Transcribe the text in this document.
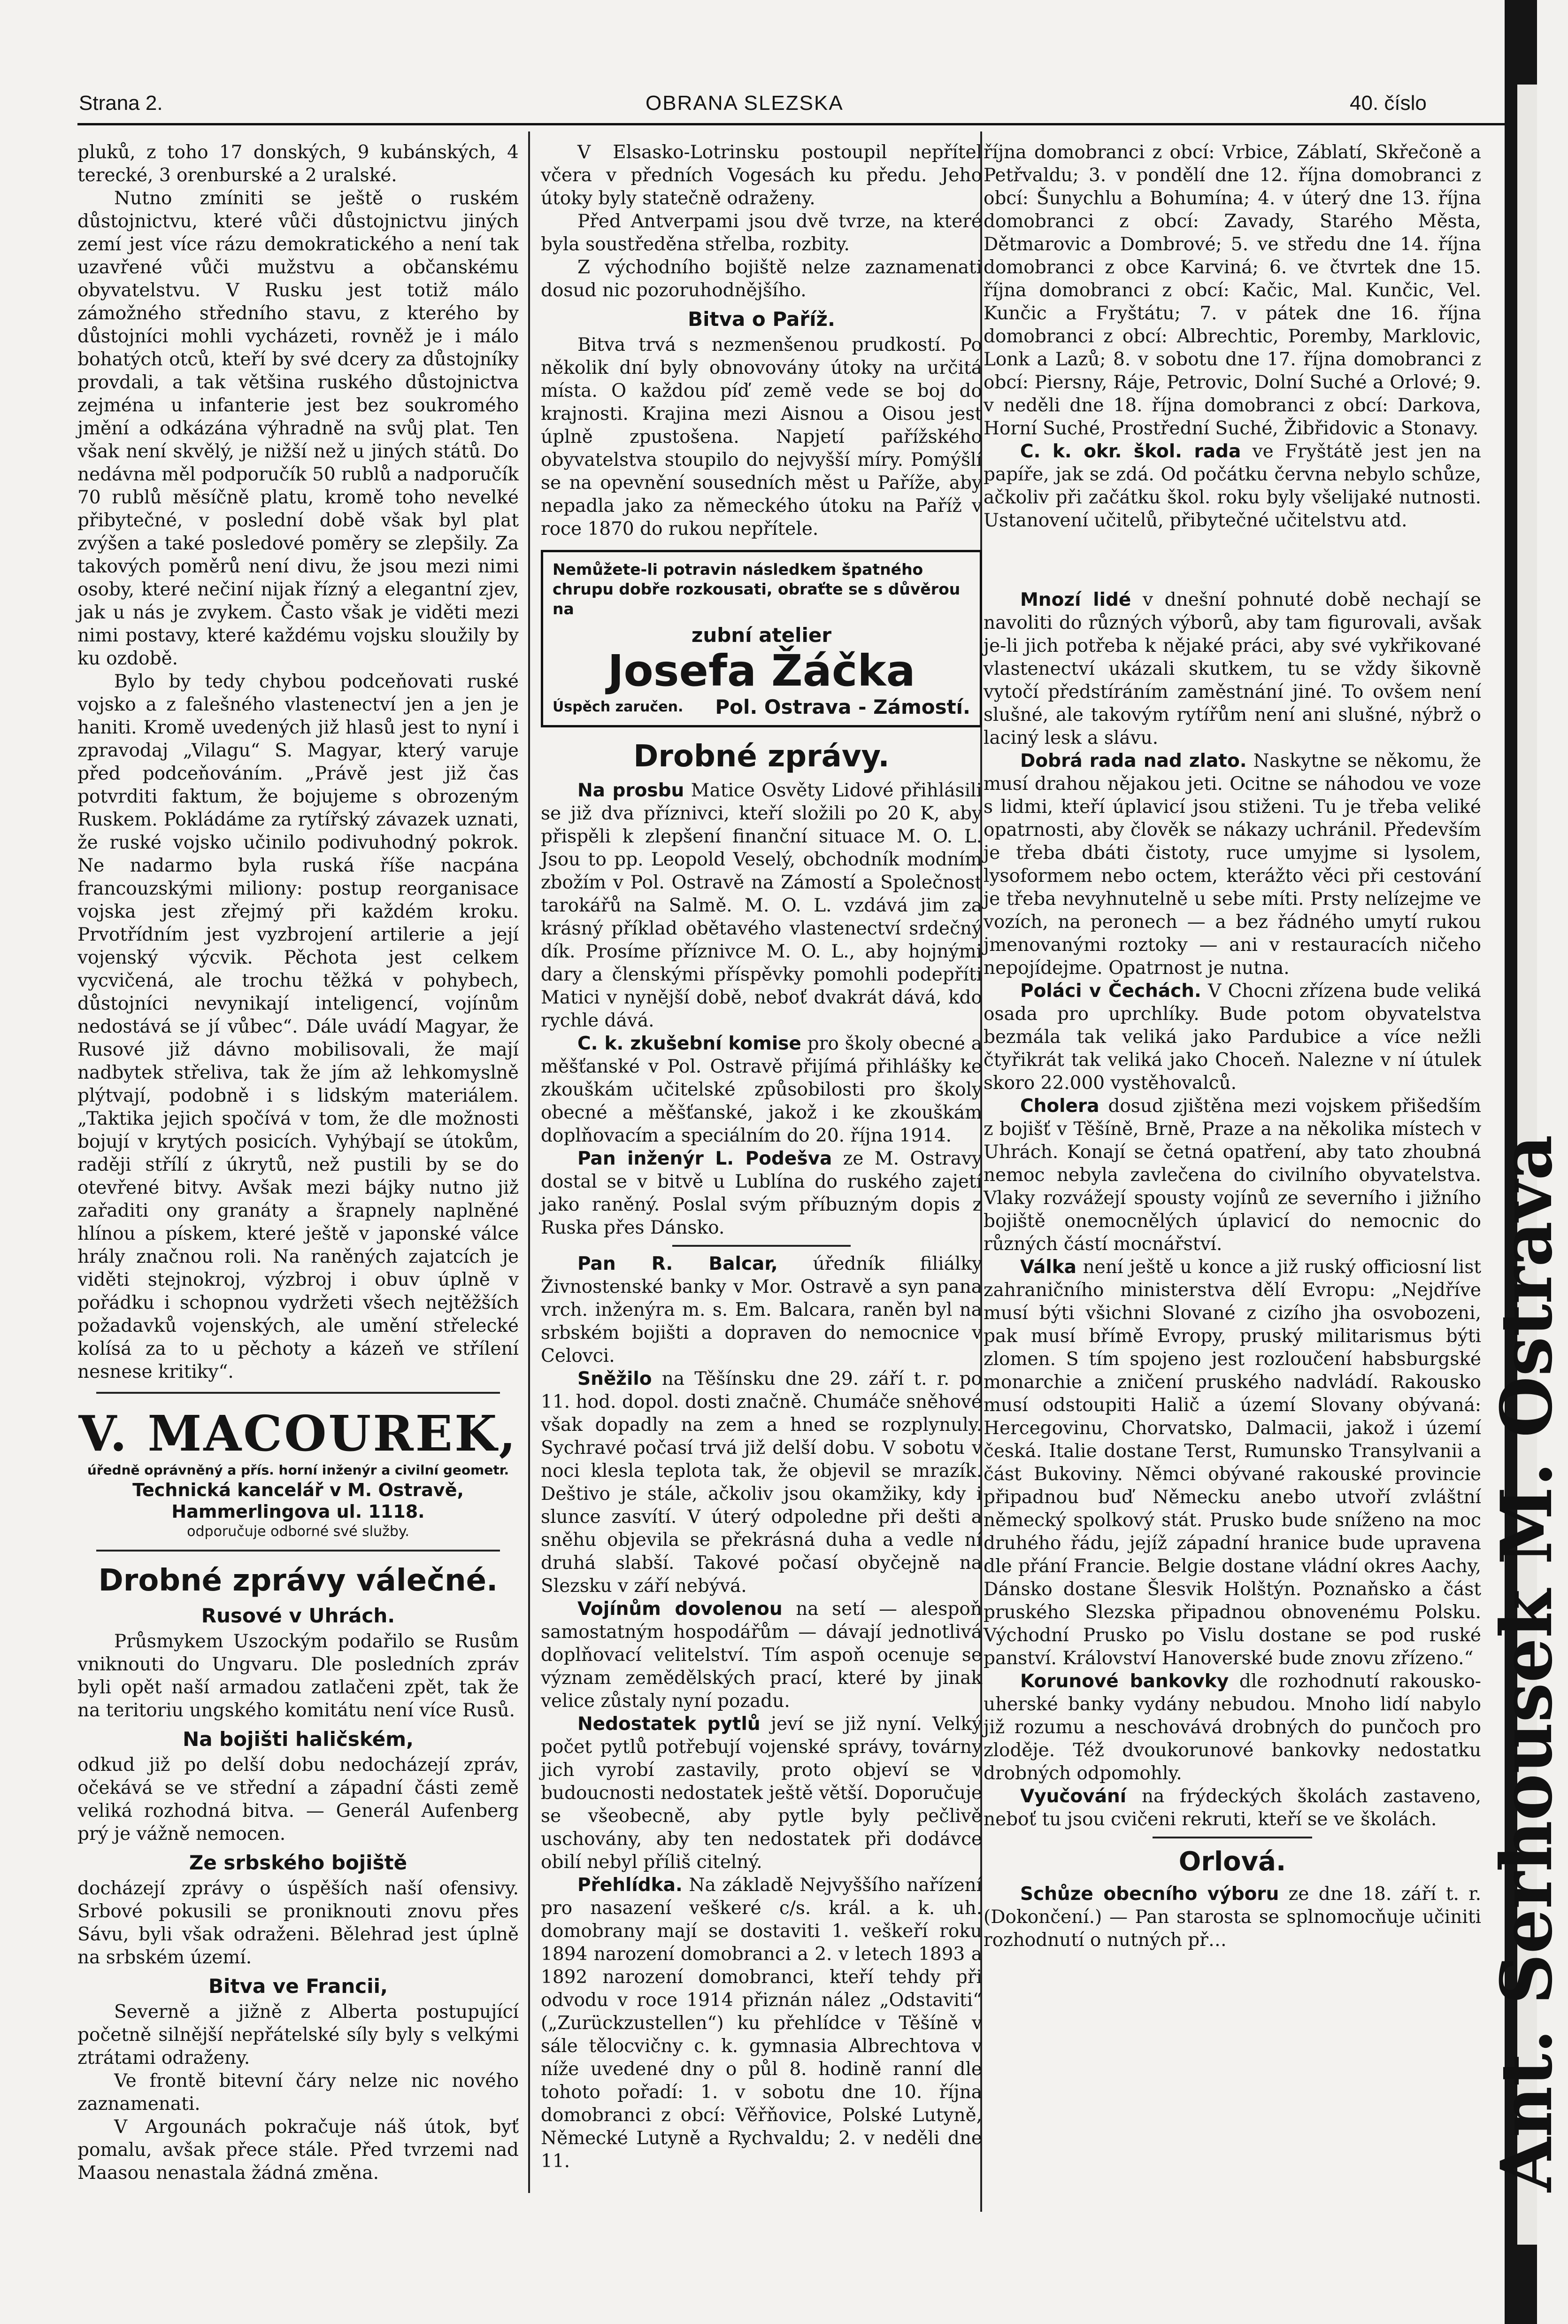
Strana 2.	OBRANA SLEZSKA	40. číslo

pluků, z toho 17 donských, 9 kubánských, 4 terecké, 3 orenburské a 2 uralské.

Nutno zmíniti se ještě o ruském důstojnictvu, které vůči důstojnictvu jiných zemí jest více rázu demokratického a není tak uzavřené vůči mužstvu a občanskému obyvatelstvu. V Rusku jest totiž málo zámožného středního stavu, z kterého by důstojníci mohli vycházeti, rovněž je i málo bohatých otců, kteří by své dcery za důstojníky provdali, a tak většina ruského důstojnictva zejména u infanterie jest bez soukromého jmění a odkázána výhradně na svůj plat. Ten však není skvělý, je nižší než u jiných států. Do nedávna měl podporučík 50 rublů a nadporučík 70 rublů měsíčně platu, kromě toho nevelké přibytečné, v poslední době však byl plat zvýšen a také posledové poměry se zlepšily. Za takových poměrů není divu, že jsou mezi nimi osoby, které nečiní nijak řízný a elegantní zjev, jak u nás je zvykem. Často však je viděti mezi nimi postavy, které každému vojsku sloužily by ku ozdobě.

Bylo by tedy chybou podceňovati ruské vojsko a z falešného vlastenectví jen a jen je haniti. Kromě uvedených již hlasů jest to nyní i zpravodaj „Vilagu“ S. Magyar, který varuje před podceňováním. „Právě jest již čas potvrditi faktum, že bojujeme s obrozeným Ruskem. Pokládáme za rytířský závazek uznati, že ruské vojsko učinilo podivuhodný pokrok. Ne nadarmo byla ruská říše nacpána francouzskými miliony: postup reorganisace vojska jest zřejmý při každém kroku. Prvotřídním jest vyzbrojení artilerie a její vojenský výcvik. Pěchota jest celkem vycvičená, ale trochu těžká v pohybech, důstojníci nevynikají inteligencí, vojínům nedostává se jí vůbec“. Dále uvádí Magyar, že Rusové již dávno mobilisovali, že mají nadbytek střeliva, tak že jím až lehkomyslně plýtvají, podobně i s lidským materiálem. „Taktika jejich spočívá v tom, že dle možnosti bojují v krytých posicích. Vyhýbají se útokům, raději střílí z úkrytů, než pustili by se do otevřené bitvy. Avšak mezi bájky nutno již zařaditi ony granáty a šrapnely naplněné hlínou a pískem, které ještě v japonské válce hrály značnou roli. Na raněných zajatcích je viděti stejnokroj, výzbroj i obuv úplně v pořádku i schopnou vydržeti všech nejtěžších požadavků vojenských, ale umění střelecké kolísá za to u pěchoty a kázeň ve střílení nesnese kritiky“.

V. MACOUREK,
úředně oprávněný a přís. horní inženýr a civilní geometr.
Technická kancelář v M. Ostravě, Hammerlingova ul. 1118.
odporučuje odborné své služby.
Drobné zprávy válečné.
Rusové v Uhrách.

Průsmykem Uszockým podařilo se Rusům vniknouti do Ungvaru. Dle posledních zpráv byli opět naší armadou zatlačeni zpět, tak že na teritoriu ungského komitátu není více Rusů.

Na bojišti haličském,

odkud již po delší dobu nedocházejí zpráv, očekává se ve střední a západní části země veliká rozhodná bitva. — Generál Aufenberg prý je vážně nemocen.

Ze srbského bojiště

docházejí zprávy o úspěších naší ofensivy. Srbové pokusili se proniknouti znovu přes Sávu, byli však odraženi. Bělehrad jest úplně na srbském území.

Bitva ve Francii,

Severně a jižně z Alberta postupující početně silnější nepřátelské síly byly s velkými ztrátami odraženy.

Ve frontě bitevní čáry nelze nic nového zaznamenati.

V Argounách pokračuje náš útok, byť pomalu, avšak přece stále. Před tvrzemi nad Maasou nenastala žádná změna.

V Elsasko-Lotrinsku postoupil nepřítel včera v předních Vogesách ku předu. Jeho útoky byly statečně odraženy.

Před Antverpami jsou dvě tvrze, na které byla soustředěna střelba, rozbity.

Z východního bojiště nelze zaznamenati dosud nic pozoruhodnějšího.

Bitva o Paříž.

Bitva trvá s nezmenšenou prudkostí. Po několik dní byly obnovovány útoky na určitá místa. O každou píď země vede se boj do krajnosti. Krajina mezi Aisnou a Oisou jest úplně zpustošena. Napjetí pařížského obyvatelstva stoupilo do nejvyšší míry. Pomýšlí se na opevnění sousedních měst u Paříže, aby nepadla jako za německého útoku na Paříž v roce 1870 do rukou nepřítele.

Nemůžete-li potravin následkem špatného chrupu dobře rozkousati, obraťte se s důvěrou na
zubní atelier
Josefa Žáčka
Úspěch zaručen. Pol. Ostrava - Zámostí.
Drobné zprávy.

Na prosbu Matice Osvěty Lidové přihlásili se již dva příznivci, kteří složili po 20 K, aby přispěli k zlepšení finanční situace M. O. L. Jsou to pp. Leopold Veselý, obchodník modním zbožím v Pol. Ostravě na Zámostí a Společnost tarokářů na Salmě. M. O. L. vzdává jim za krásný příklad obětavého vlastenectví srdečný dík. Prosíme příznivce M. O. L., aby hojnými dary a členskými příspěvky pomohli podepříti Matici v nynější době, neboť dvakrát dává, kdo rychle dává.

C. k. zkušební komise pro školy obecné a měšťanské v Pol. Ostravě přijímá přihlášky ke zkouškám učitelské způsobilosti pro školy obecné a měšťanské, jakož i ke zkouškám doplňovacím a speciálním do 20. října 1914.

Pan inženýr L. Podešva ze M. Ostravy dostal se v bitvě u Lublína do ruského zajetí jako raněný. Poslal svým příbuzným dopis z Ruska přes Dánsko.

Pan R. Balcar, úředník filiálky Živnostenské banky v Mor. Ostravě a syn pana vrch. inženýra m. s. Em. Balcara, raněn byl na srbském bojišti a dopraven do nemocnice v Celovci.

Sněžilo na Těšínsku dne 29. září t. r. po 11. hod. dopol. dosti značně. Chumáče sněhové však dopadly na zem a hned se rozplynuly. Sychravé počasí trvá již delší dobu. V sobotu v noci klesla teplota tak, že objevil se mrazík. Deštivo je stále, ačkoliv jsou okamžiky, kdy i slunce zasvítí. V úterý odpoledne při dešti a sněhu objevila se překrásná duha a vedle ní druhá slabší. Takové počasí obyčejně na Slezsku v září nebývá.

Vojínům dovolenou na setí — alespoň samostatným hospodářům — dávají jednotlivá doplňovací velitelství. Tím aspoň ocenuje se význam zemědělských prací, které by jinak velice zůstaly nyní pozadu.

Nedostatek pytlů jeví se již nyní. Velký počet pytlů potřebují vojenské správy, továrny jich vyrobí zastavily, proto objeví se v budoucnosti nedostatek ještě větší. Doporučuje se všeobecně, aby pytle byly pečlivě uschovány, aby ten nedostatek při dodávce obilí nebyl příliš citelný.

Přehlídka. Na základě Nejvyššího nařízení pro nasazení veškeré c/s. král. a k. uh. domobrany mají se dostaviti 1. veškeří roku 1894 narození domobranci a 2. v letech 1893 a 1892 narození domobranci, kteří tehdy při odvodu v roce 1914 přiznán nález „Odstaviti“ („Zurückzustellen“) ku přehlídce v Těšíně v sále tělocvičny c. k. gymnasia Albrechtova v níže uvedené dny o půl 8. hodině ranní dle tohoto pořadí: 1. v sobotu dne 10. října domobranci z obcí: Věřňovice, Polské Lutyně, Německé Lutyně a Rychvaldu; 2. v neděli dne 11.

října domobranci z obcí: Vrbice, Záblatí, Skřečoně a Petřvaldu; 3. v pondělí dne 12. října domobranci z obcí: Šunychlu a Bohumína; 4. v úterý dne 13. října domobranci z obcí: Zavady, Starého Města, Dětmarovic a Dombrové; 5. ve středu dne 14. října domobranci z obce Karviná; 6. ve čtvrtek dne 15. října domobranci z obcí: Kačic, Mal. Kunčic, Vel. Kunčic a Fryštátu; 7. v pátek dne 16. října domobranci z obcí: Albrechtic, Poremby, Marklovic, Lonk a Lazů; 8. v sobotu dne 17. října domobranci z obcí: Piersny, Ráje, Petrovic, Dolní Suché a Orlové; 9. v neděli dne 18. října domobranci z obcí: Darkova, Horní Suché, Prostřední Suché, Žibřidovic a Stonavy.

C. k. okr. škol. rada ve Fryštátě jest jen na papíře, jak se zdá. Od počátku června nebylo schůze, ačkoliv při začátku škol. roku byly všelijaké nutnosti. Ustanovení učitelů, přibytečné učitelstvu atd.

Mnozí lidé v dnešní pohnuté době nechají se navoliti do různých výborů, aby tam figurovali, avšak je-li jich potřeba k nějaké práci, aby své vykřikované vlastenectví ukázali skutkem, tu se vždy šikovně vytočí předstíráním zaměstnání jiné. To ovšem není slušné, ale takovým rytířům není ani slušné, nýbrž o laciný lesk a slávu.

Dobrá rada nad zlato. Naskytne se někomu, že musí drahou nějakou jeti. Ocitne se náhodou ve voze s lidmi, kteří úplavicí jsou stiženi. Tu je třeba veliké opatrnosti, aby člověk se nákazy uchránil. Především je třeba dbáti čistoty, ruce umyjme si lysolem, lysoformem nebo octem, kterážto věci při cestování je třeba nevyhnutelně u sebe míti. Prsty nelízejme ve vozích, na peronech — a bez řádného umytí rukou jmenovanými roztoky — ani v restauracích ničeho nepojídejme. Opatrnost je nutna.

Poláci v Čechách. V Chocni zřízena bude veliká osada pro uprchlíky. Bude potom obyvatelstva bezmála tak veliká jako Pardubice a více nežli čtyřikrát tak veliká jako Choceň. Nalezne v ní útulek skoro 22.000 vystěhovalců.

Cholera dosud zjištěna mezi vojskem přišedším z bojišť v Těšíně, Brně, Praze a na několika místech v Uhrách. Konají se četná opatření, aby tato zhoubná nemoc nebyla zavlečena do civilního obyvatelstva. Vlaky rozvážejí spousty vojínů ze severního i jižního bojiště onemocnělých úplavicí do nemocnic do různých částí mocnářství.

Válka není ještě u konce a již ruský officiosní list zahraničního ministerstva dělí Evropu: „Nejdříve musí býti všichni Slované z cizího jha osvobozeni, pak musí břímě Evropy, pruský militarismus býti zlomen. S tím spojeno jest rozloučení habsburgské monarchie a zničení pruského nadvládí. Rakousko musí odstoupiti Halič a území Slovany obývaná: Hercegovinu, Chorvatsko, Dalmacii, jakož i území česká. Italie dostane Terst, Rumunsko Transylvanii a část Bukoviny. Němci obývané rakouské provincie připadnou buď Německu anebo utvoří zvláštní německý spolkový stát. Prusko bude sníženo na moc druhého řádu, jejíž západní hranice bude upravena dle přání Francie. Belgie dostane vládní okres Aachy, Dánsko dostane Šlesvik Holštýn. Poznaňsko a část pruského Slezska připadnou obnovenému Polsku. Východní Prusko po Vislu dostane se pod ruské panství. Království Hanoverské bude znovu zřízeno.“

Korunové bankovky dle rozhodnutí rakousko-uherské banky vydány nebudou. Mnoho lidí nabylo již rozumu a neschovává drobných do punčoch pro zloděje. Též dvoukorunové bankovky nedostatku drobných odpomohly.

Vyučování na frýdeckých školách zastaveno, neboť tu jsou cvičeni rekruti, kteří se ve školách.

Orlová.

Schůze obecního výboru ze dne 18. září t. r. (Dokončení.) — Pan starosta se splnomocňuje učiniti rozhodnutí o nutných př…	Ant. Serhousek M. Ostrava
